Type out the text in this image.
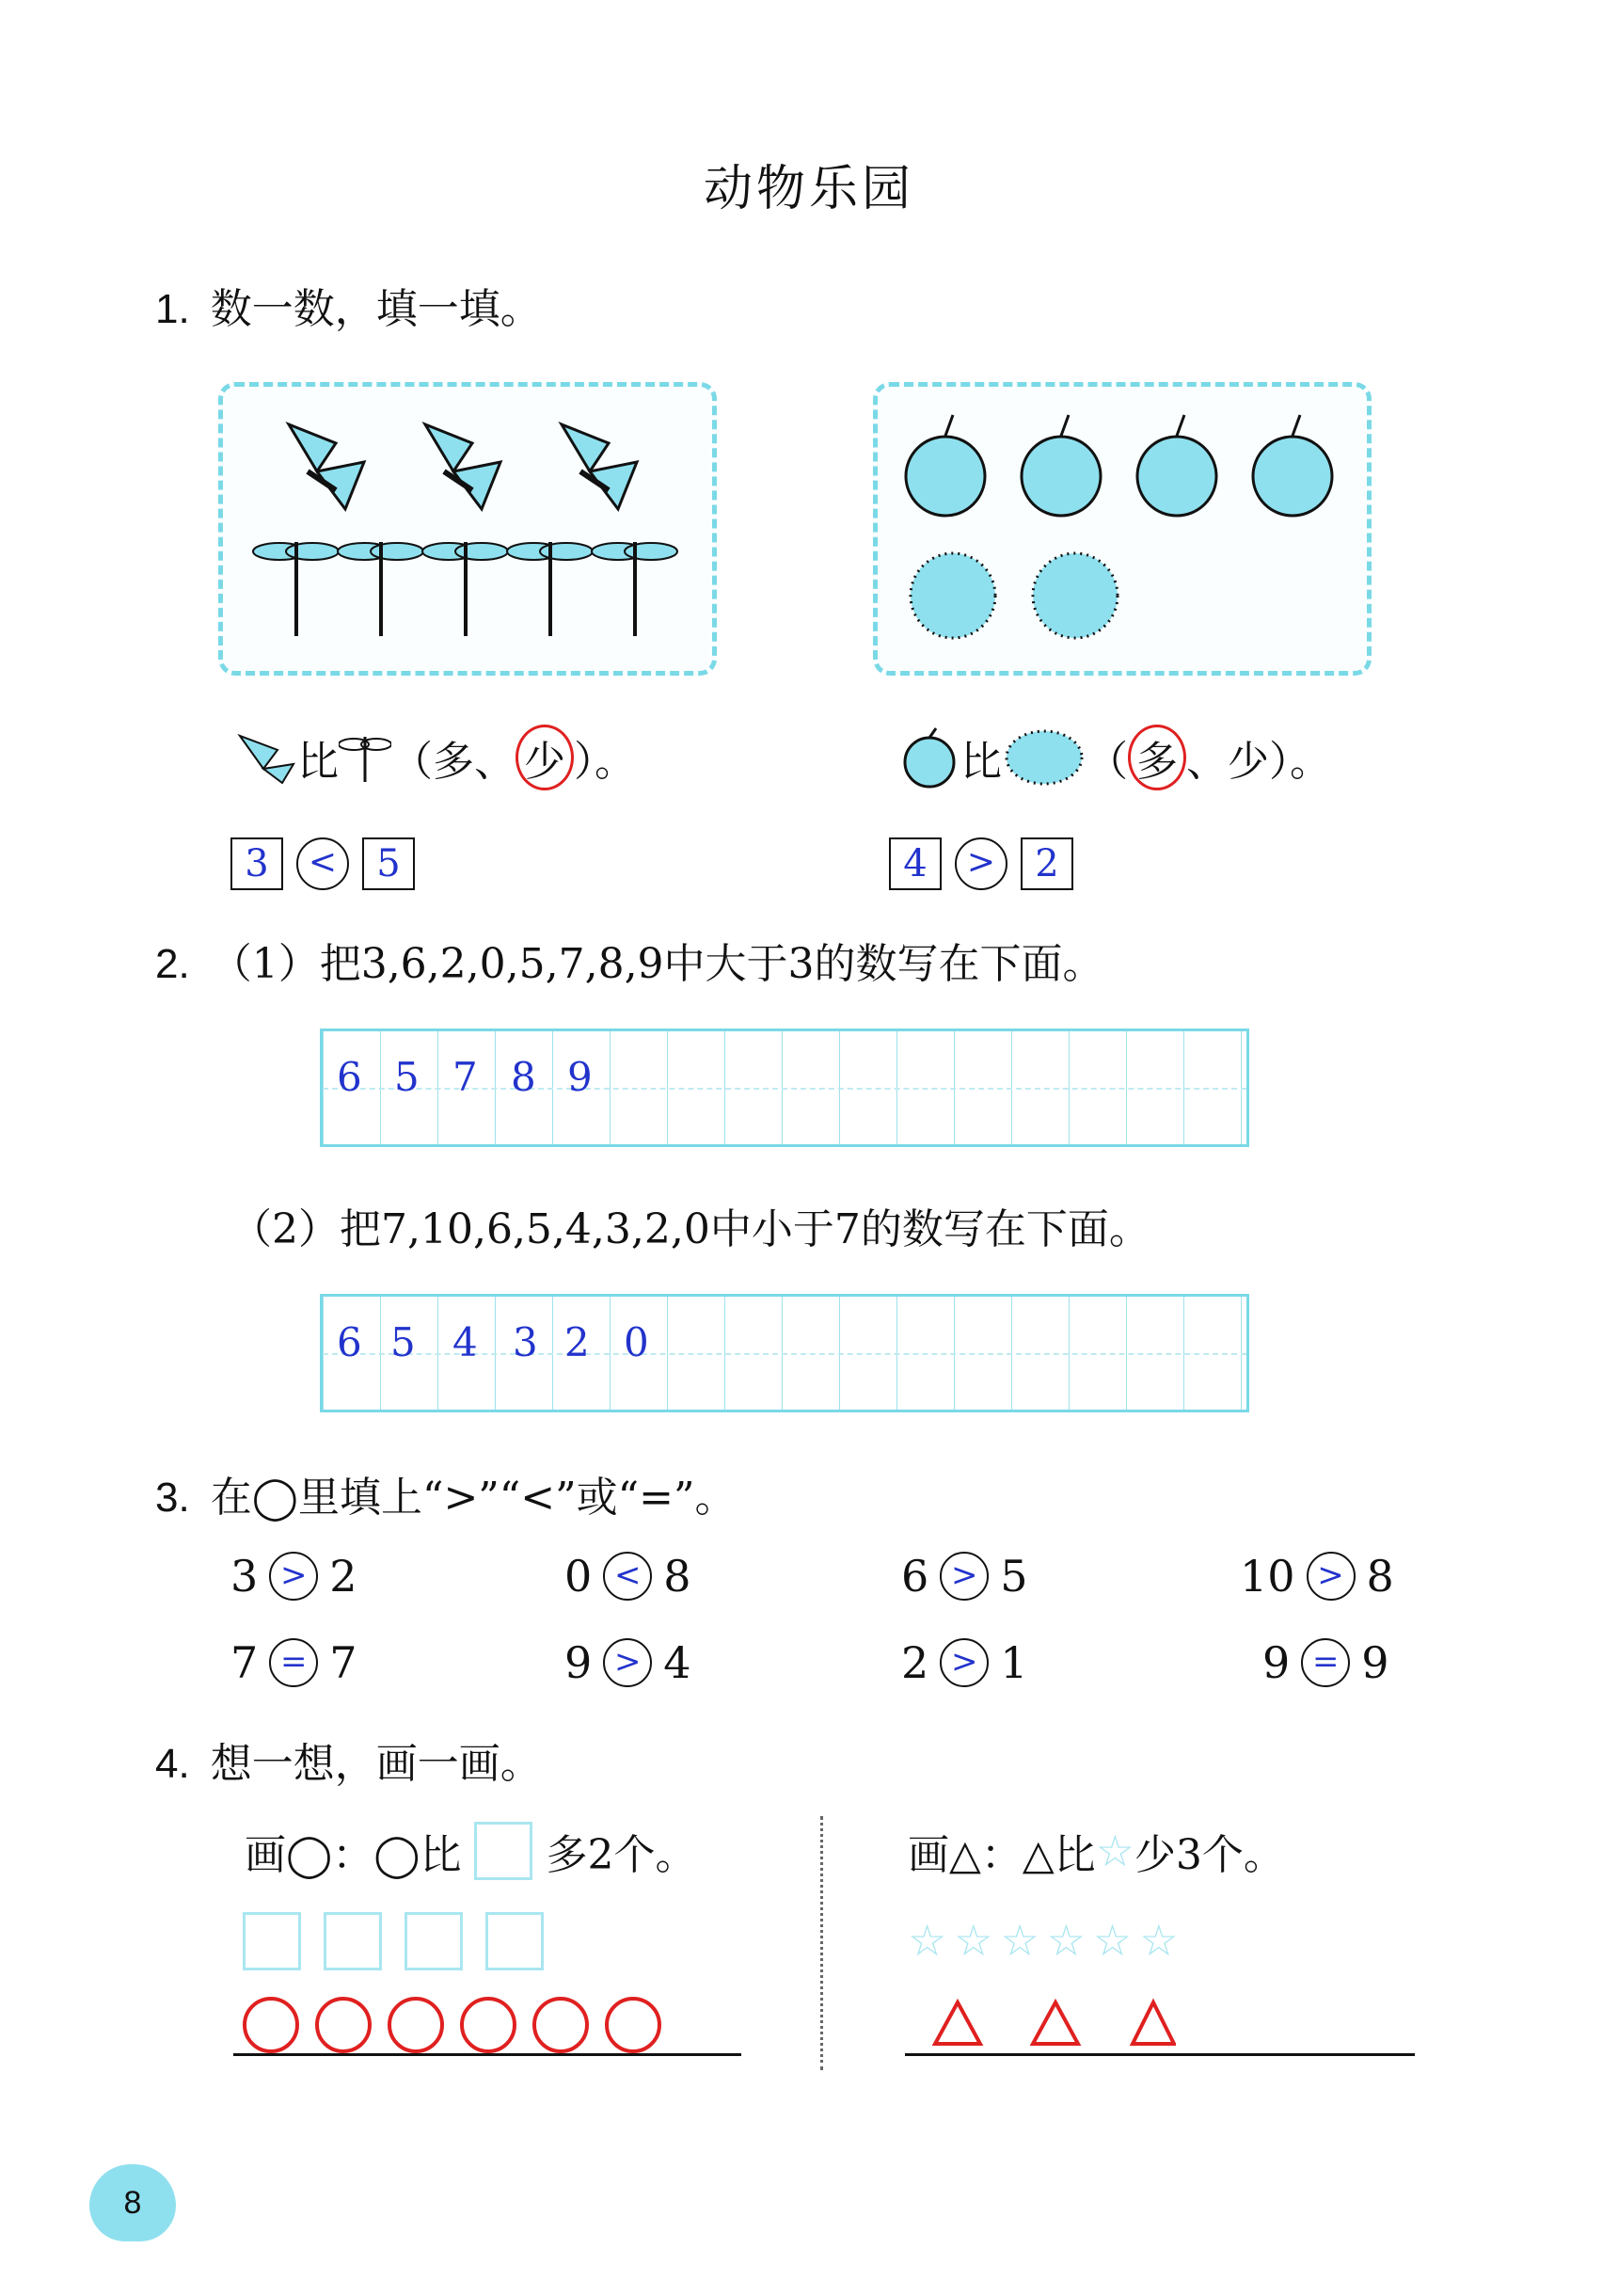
动物乐园
1. 数一数，填一填。
比 （ 多 、 少 ）。	比 （ 多 、 少 ）。
3	<	5	4	>	2
2. （1）把3,6,2,0,5,7,8,9中大于3的数写在下面。
6 5 7 8 9
（2）把7,10,6,5,4,3,2,0中小于7的数写在下面。
6 5 4 3 2 0
3. 在◯里填上“>”“<”或“=”。
3 > 2	0 < 8	6 > 5	10 > 8
7 = 7	9 > 4	2 > 1	9 = 9
4. 想一想，画一画。
画◯：◯比 多2个。	画△：△比 ☆ 少3个。
☆ ☆ ☆ ☆ ☆ ☆
8
